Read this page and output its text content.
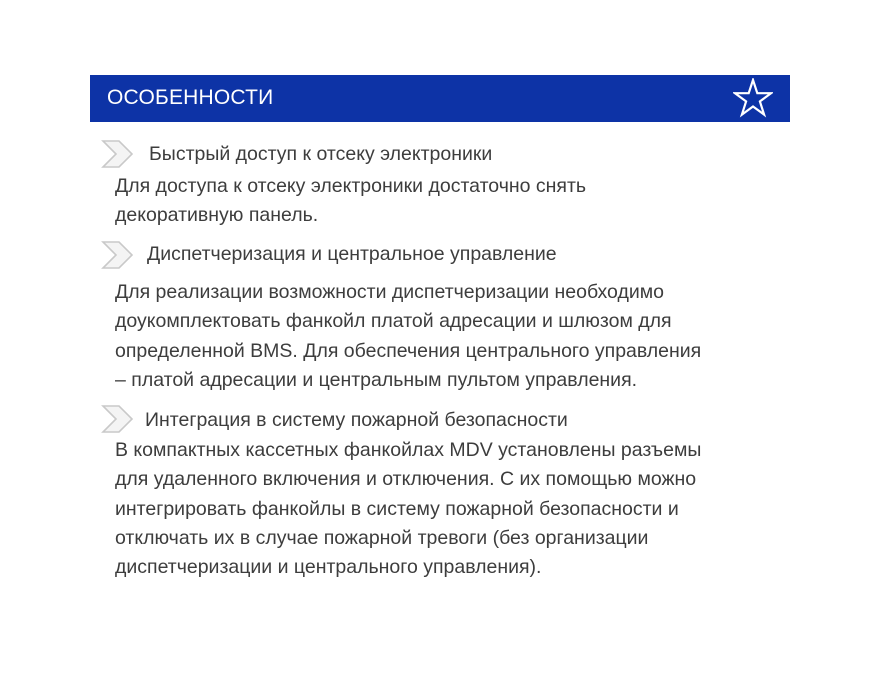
ОСОБЕННОСТИ
Быстрый доступ к отсеку электроники

Для доступа к отсеку электроники достаточно снять
декоративную панель.

Диспетчеризация и центральное управление

Для реализации возможности диспетчеризации необходимо
доукомплектовать фанкойл платой адресации и шлюзом для
определенной BMS. Для обеспечения центрального управления
– платой адресации и центральным пультом управления.

Интеграция в систему пожарной безопасности

В компактных кассетных фанкойлах MDV установлены разъемы
для удаленного включения и отключения. С их помощью можно
интегрировать фанкойлы в систему пожарной безопасности и
отключать их в случае пожарной тревоги (без организации
диспетчеризации и центрального управления).
